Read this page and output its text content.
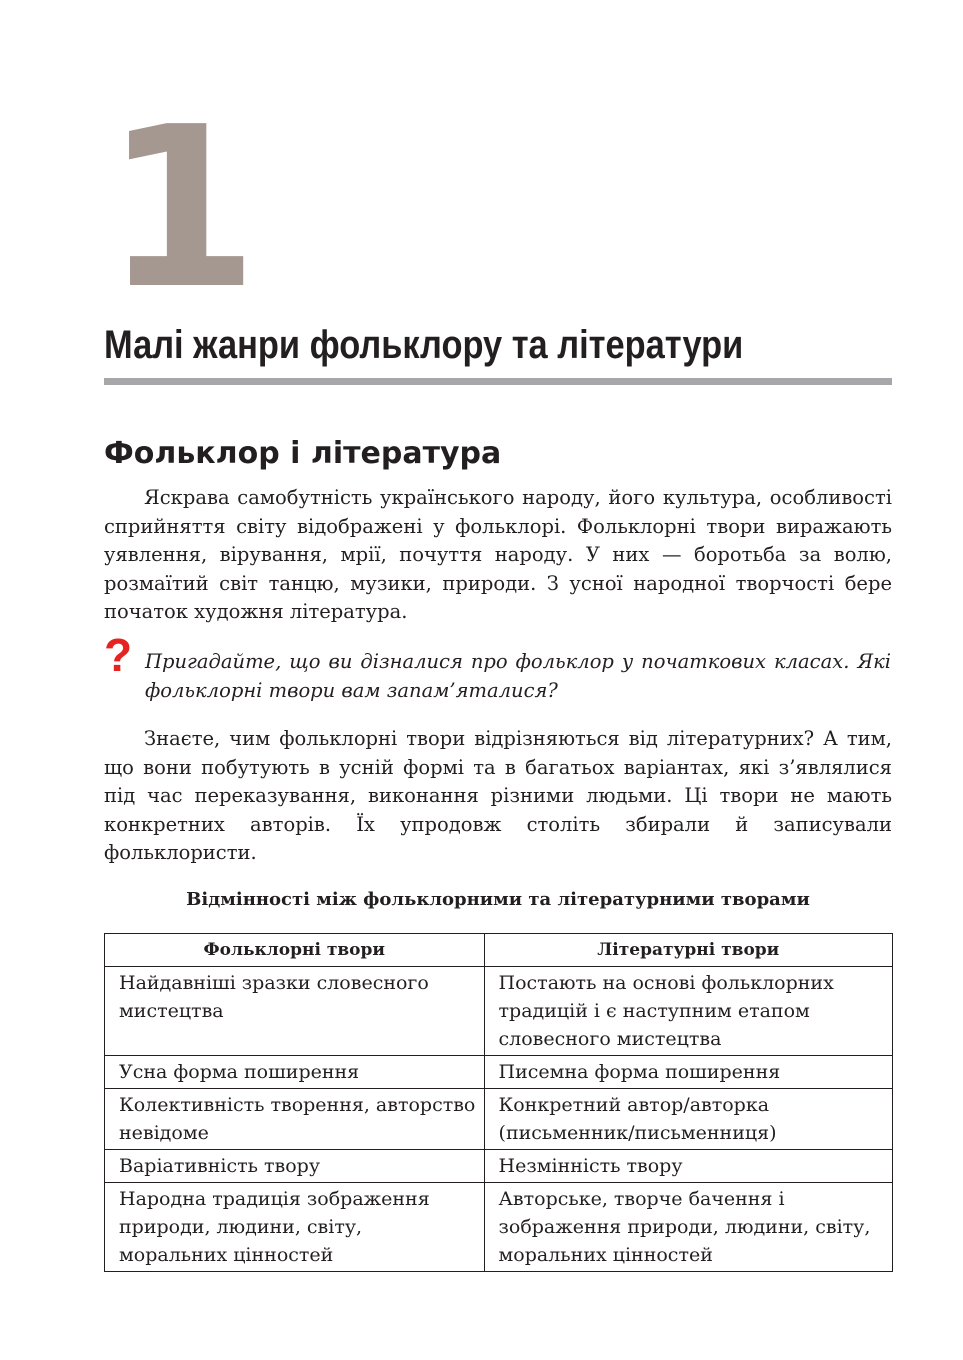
1
Малі жанри фольклору та літератури
Фольклор і література

Яскрава самобутність українського народу, його культура, особливості сприйняття світу відображені у фольклорі. Фольклорні твори виражають уявлення, вірування, мрії, почуття народу. У них — боротьба за волю, розмаїтий світ танцю, музики, природи. З усної народної творчості бере початок художня література.

? Пригадайте, що ви дізналися про фольклор у початкових класах. Які фольклорні твори вам запам’яталися?

Знаєте, чим фольклорні твори відрізняються від літературних? А тим, що вони побутують в усній формі та в багатьох варіантах, які з’являлися під час переказування, виконання різними людьми. Ці твори не мають конкретних авторів. Їх упродовж століть збирали й записували фольклористи.

Відмінності між фольклорними та літературними творами
Фольклорні твори	Літературні твори
Найдавніші зразки словесного мистецтва	Постають на основі фольклорних традицій і є наступним етапом словесного мистецтва
Усна форма поширення	Писемна форма поширення
Колективність творення, авторство невідоме	Конкретний автор/авторка (письменник/письменниця)
Варіативність твору	Незмінність твору
Народна традиція зображення природи, людини, світу, моральних цінностей	Авторське, творче бачення і зображення природи, людини, світу, моральних цінностей
